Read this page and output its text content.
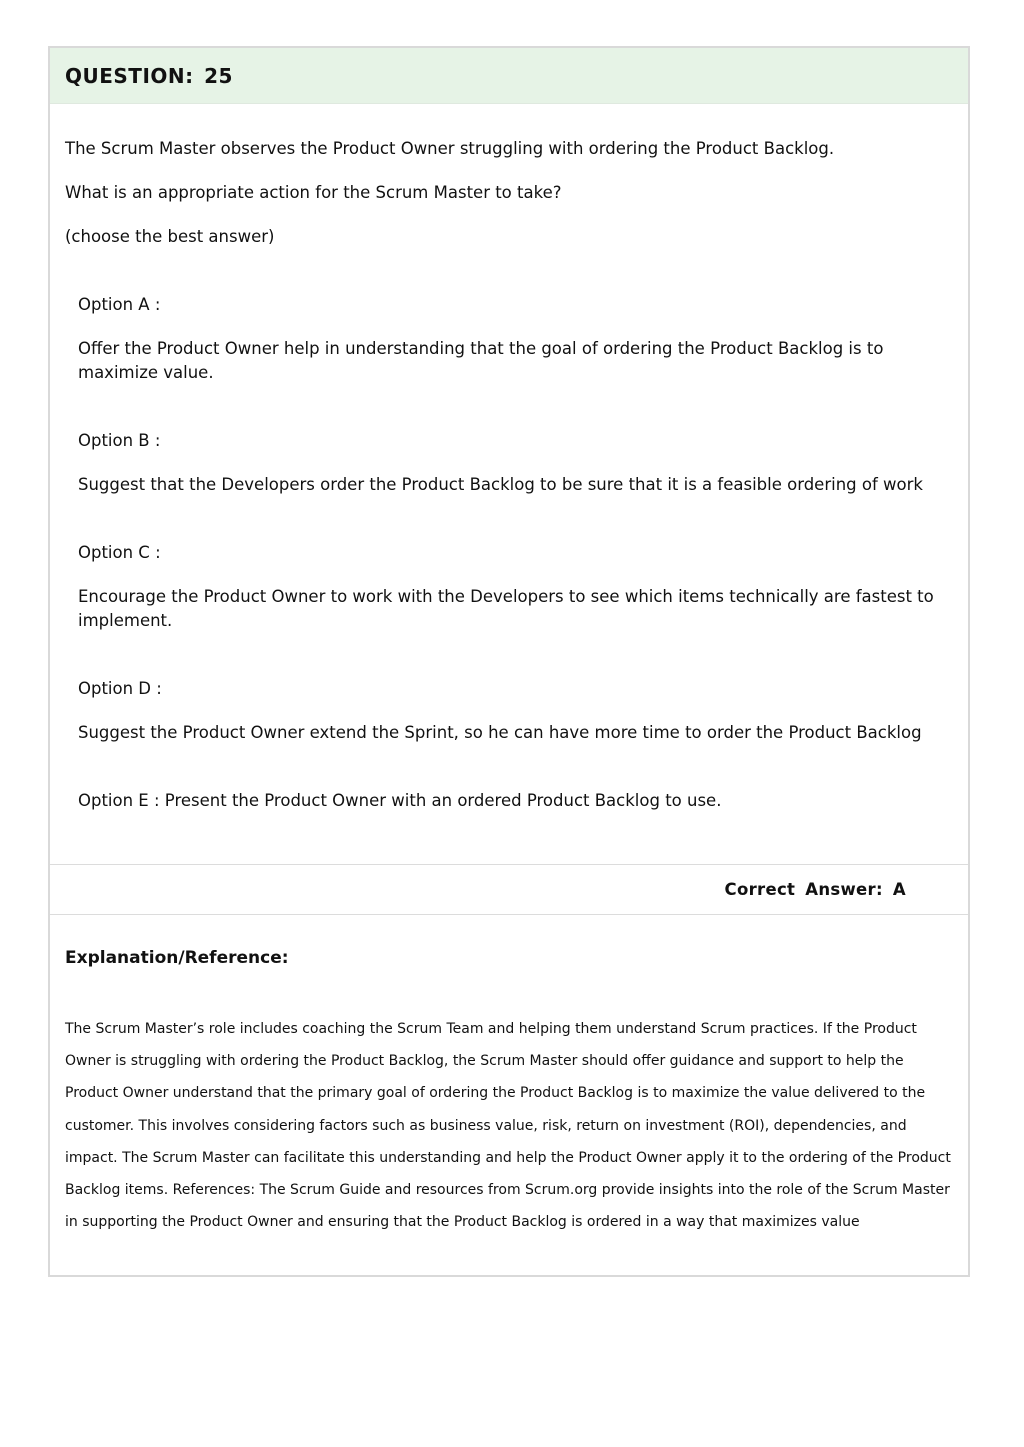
QUESTION: 25

The Scrum Master observes the Product Owner struggling with ordering the Product Backlog.

What is an appropriate action for the Scrum Master to take?

(choose the best answer)

Option A :

Offer the Product Owner help in understanding that the goal of ordering the Product Backlog is to maximize value.

Option B :

Suggest that the Developers order the Product Backlog to be sure that it is a feasible ordering of work

Option C :

Encourage the Product Owner to work with the Developers to see which items technically are fastest to implement.

Option D :

Suggest the Product Owner extend the Sprint, so he can have more time to order the Product Backlog

Option E : Present the Product Owner with an ordered Product Backlog to use.

Correct Answer: A

Explanation/Reference:

The Scrum Master’s role includes coaching the Scrum Team and helping them understand Scrum practices. If the Product Owner is struggling with ordering the Product Backlog, the Scrum Master should offer guidance and support to help the Product Owner understand that the primary goal of ordering the Product Backlog is to maximize the value delivered to the customer. This involves considering factors such as business value, risk, return on investment (ROI), dependencies, and impact. The Scrum Master can facilitate this understanding and help the Product Owner apply it to the ordering of the Product Backlog items. References: The Scrum Guide and resources from Scrum.org provide insights into the role of the Scrum Master in supporting the Product Owner and ensuring that the Product Backlog is ordered in a way that maximizes value
